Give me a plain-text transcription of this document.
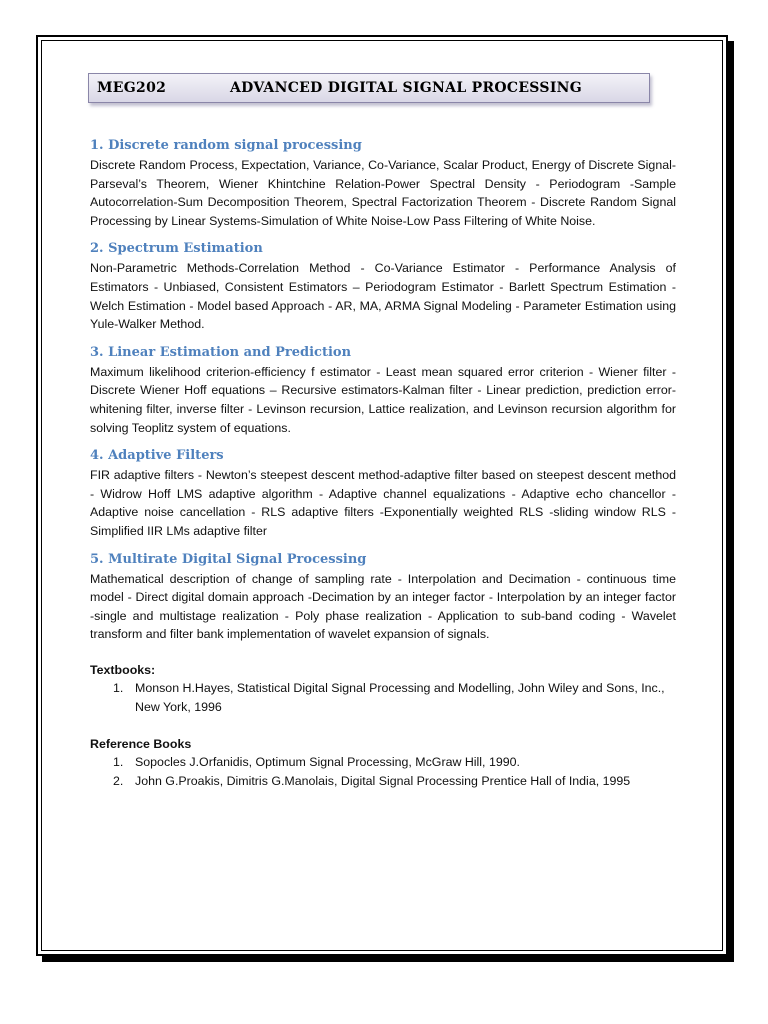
MEG202	ADVANCED DIGITAL SIGNAL PROCESSING

1. Discrete random signal processing

Discrete Random Process, Expectation, Variance, Co-Variance, Scalar Product, Energy of Discrete Signal-Parseval’s Theorem, Wiener Khintchine Relation-Power Spectral Density - Periodogram -Sample Autocorrelation-Sum Decomposition Theorem, Spectral Factorization Theorem - Discrete Random Signal Processing by Linear Systems-Simulation of White Noise-Low Pass Filtering of White Noise.

2. Spectrum Estimation

Non-Parametric Methods-Correlation Method - Co-Variance Estimator - Performance Analysis of Estimators - Unbiased, Consistent Estimators – Periodogram Estimator - Barlett Spectrum Estimation - Welch Estimation - Model based Approach - AR, MA, ARMA Signal Modeling - Parameter Estimation using Yule-Walker Method.

3. Linear Estimation and Prediction

Maximum likelihood criterion-efficiency f estimator - Least mean squared error criterion - Wiener filter - Discrete Wiener Hoff equations – Recursive estimators-Kalman filter - Linear prediction, prediction error-whitening filter, inverse filter - Levinson recursion, Lattice realization, and Levinson recursion algorithm for solving Teoplitz system of equations.

4. Adaptive Filters

FIR adaptive filters - Newton’s steepest descent method-adaptive filter based on steepest descent method - Widrow Hoff LMS adaptive algorithm - Adaptive channel equalizations - Adaptive echo chancellor - Adaptive noise cancellation - RLS adaptive filters -Exponentially weighted RLS -sliding window RLS - Simplified IIR LMs adaptive filter

5. Multirate Digital Signal Processing

Mathematical description of change of sampling rate - Interpolation and Decimation - continuous time model - Direct digital domain approach -Decimation by an integer factor - Interpolation by an integer factor -single and multistage realization - Poly phase realization - Application to sub-band coding - Wavelet transform and filter bank implementation of wavelet expansion of signals.

Textbooks:

1. Monson H.Hayes, Statistical Digital Signal Processing and Modelling, John Wiley and Sons, Inc., New York, 1996

Reference Books

1. Sopocles J.Orfanidis, Optimum Signal Processing, McGraw Hill, 1990.
2. John G.Proakis, Dimitris G.Manolais, Digital Signal Processing Prentice Hall of India, 1995
